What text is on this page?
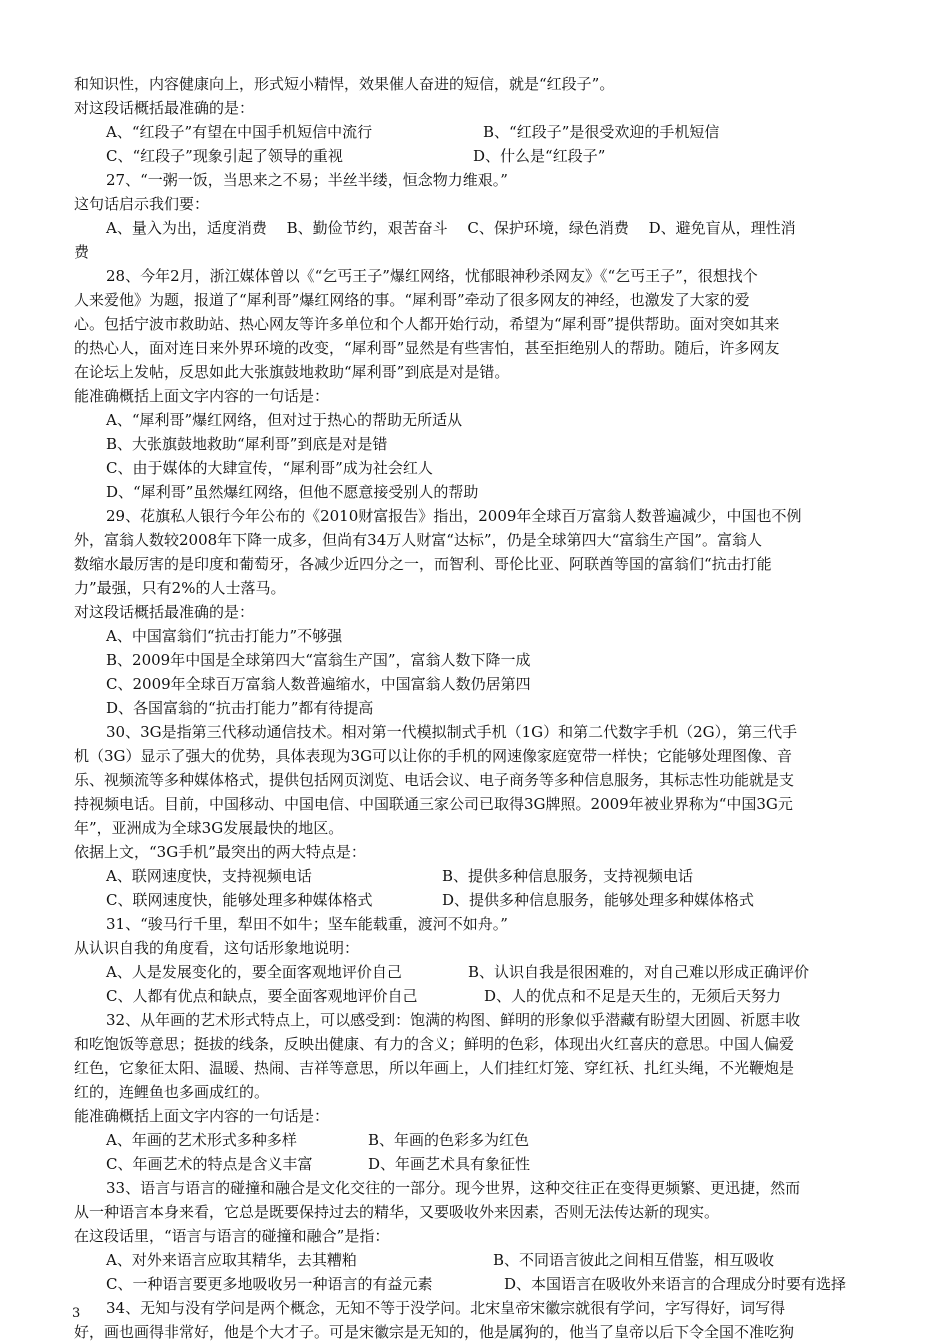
和知识性，内容健康向上，形式短小精悍，效果催人奋进的短信，就是“红段子”。
对这段话概括最准确的是：
A、“红段子”有望在中国手机短信中流行	B、“红段子”是很受欢迎的手机短信
C、“红段子”现象引起了领导的重视	D、什么是“红段子”
27、“一粥一饭，当思来之不易；半丝半缕，恒念物力维艰。”
这句话启示我们要：
A、量入为出，适度消费　 B、勤俭节约，艰苦奋斗　 C、保护环境，绿色消费　 D、避免盲从，理性消
费
28、今年2月，浙江媒体曾以《“乞丐王子”爆红网络，忧郁眼神秒杀网友》《“乞丐王子”，很想找个
人来爱他》为题，报道了“犀利哥”爆红网络的事。“犀利哥”牵动了很多网友的神经，也激发了大家的爱
心。包括宁波市救助站、热心网友等许多单位和个人都开始行动，希望为“犀利哥”提供帮助。面对突如其来
的热心人，面对连日来外界环境的改变，“犀利哥”显然是有些害怕，甚至拒绝别人的帮助。随后，许多网友
在论坛上发帖，反思如此大张旗鼓地救助“犀利哥”到底是对是错。
能准确概括上面文字内容的一句话是：
A、“犀利哥”爆红网络，但对过于热心的帮助无所适从
B、大张旗鼓地救助“犀利哥”到底是对是错
C、由于媒体的大肆宣传，“犀利哥”成为社会红人
D、“犀利哥”虽然爆红网络，但他不愿意接受别人的帮助
29、花旗私人银行今年公布的《2010财富报告》指出，2009年全球百万富翁人数普遍减少，中国也不例
外，富翁人数较2008年下降一成多，但尚有34万人财富“达标”，仍是全球第四大“富翁生产国”。富翁人
数缩水最厉害的是印度和葡萄牙，各减少近四分之一，而智利、哥伦比亚、阿联酋等国的富翁们“抗击打能
力”最强，只有2%的人士落马。
对这段话概括最准确的是：
A、中国富翁们“抗击打能力”不够强
B、2009年中国是全球第四大“富翁生产国”，富翁人数下降一成
C、2009年全球百万富翁人数普遍缩水，中国富翁人数仍居第四
D、各国富翁的“抗击打能力”都有待提高
30、3G是指第三代移动通信技术。相对第一代模拟制式手机（1G）和第二代数字手机（2G），第三代手
机（3G）显示了强大的优势，具体表现为3G可以让你的手机的网速像家庭宽带一样快；它能够处理图像、音
乐、视频流等多种媒体格式，提供包括网页浏览、电话会议、电子商务等多种信息服务，其标志性功能就是支
持视频电话。目前，中国移动、中国电信、中国联通三家公司已取得3G牌照。2009年被业界称为“中国3G元
年”，亚洲成为全球3G发展最快的地区。
依据上文，“3G手机”最突出的两大特点是：
A、联网速度快，支持视频电话	B、提供多种信息服务，支持视频电话
C、联网速度快，能够处理多种媒体格式	D、提供多种信息服务，能够处理多种媒体格式
31、“骏马行千里，犁田不如牛；坚车能载重，渡河不如舟。”
从认识自我的角度看，这句话形象地说明：
A、人是发展变化的，要全面客观地评价自己	B、认识自我是很困难的，对自己难以形成正确评价
C、人都有优点和缺点，要全面客观地评价自己	D、人的优点和不足是天生的，无须后天努力
32、从年画的艺术形式特点上，可以感受到：饱满的构图、鲜明的形象似乎潜藏有盼望大团圆、祈愿丰收
和吃饱饭等意思；挺拔的线条，反映出健康、有力的含义；鲜明的色彩，体现出火红喜庆的意思。中国人偏爱
红色，它象征太阳、温暖、热闹、吉祥等意思，所以年画上，人们挂红灯笼、穿红袄、扎红头绳，不光鞭炮是
红的，连鲤鱼也多画成红的。
能准确概括上面文字内容的一句话是：
A、年画的艺术形式多种多样	B、年画的色彩多为红色
C、年画艺术的特点是含义丰富	D、年画艺术具有象征性
33、语言与语言的碰撞和融合是文化交往的一部分。现今世界，这种交往正在变得更频繁、更迅捷，然而
从一种语言本身来看，它总是既要保持过去的精华，又要吸收外来因素，否则无法传达新的现实。
在这段话里，“语言与语言的碰撞和融合”是指：
A、对外来语言应取其精华，去其糟粕	B、不同语言彼此之间相互借鉴，相互吸收
C、一种语言要更多地吸收另一种语言的有益元素	D、本国语言在吸收外来语言的合理成分时要有选择
34、无知与没有学问是两个概念，无知不等于没学问。北宋皇帝宋徽宗就很有学问，字写得好，词写得
好，画也画得非常好，他是个大才子。可是宋徽宗是无知的，他是属狗的，他当了皇帝以后下令全国不准吃狗
3
